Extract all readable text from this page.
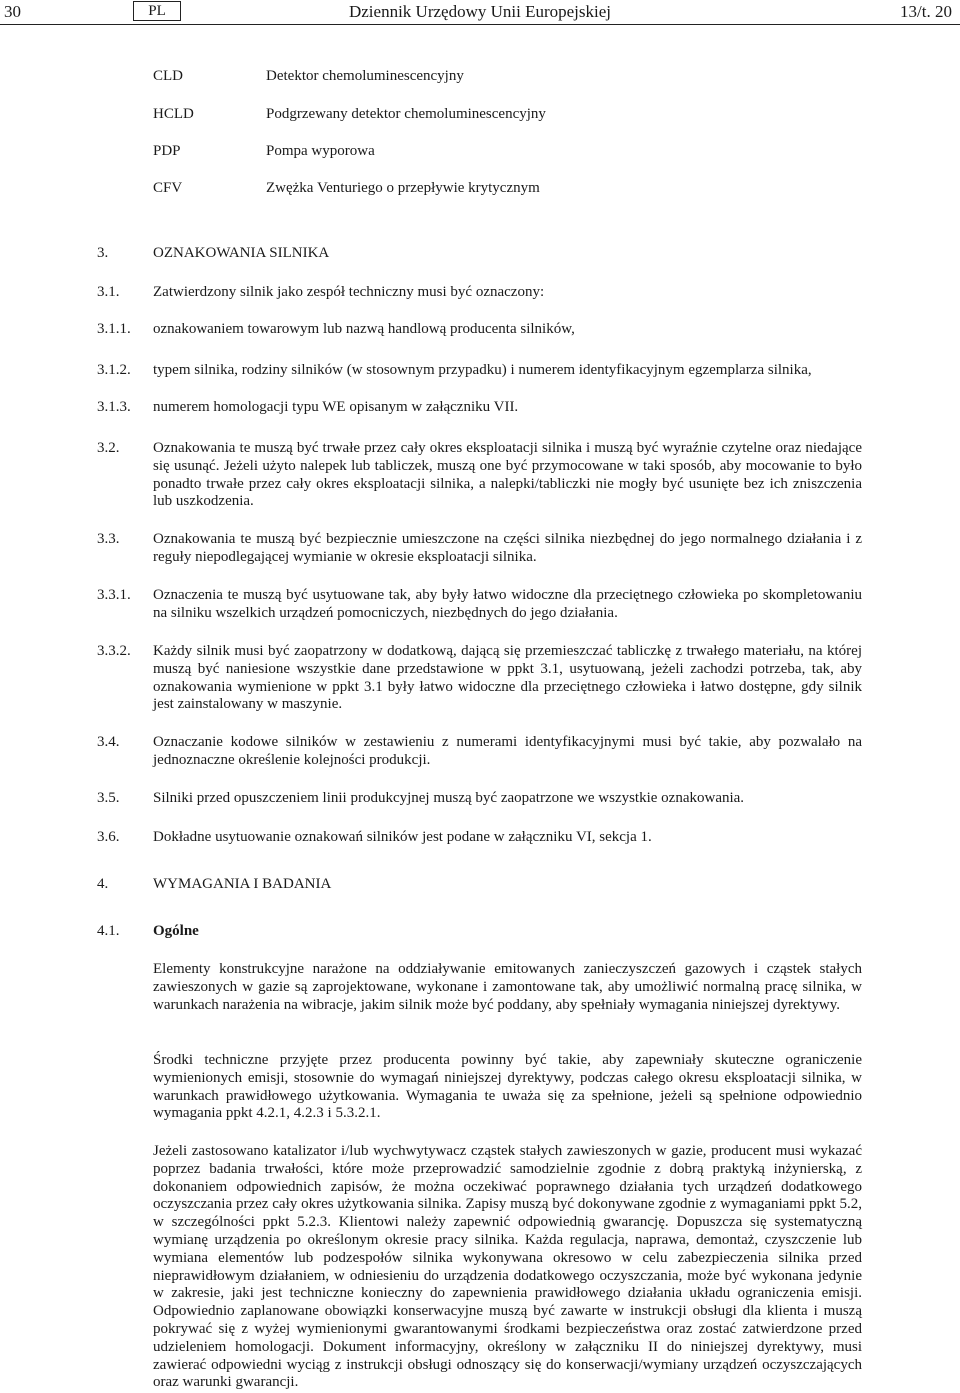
30	PL	Dziennik Urzędowy Unii Europejskiej	13/t. 20
CLD	Detektor chemoluminescencyjny
HCLD	Podgrzewany detektor chemoluminescencyjny
PDP	Pompa wyporowa
CFV	Zwężka Venturiego o przepływie krytycznym
3.	OZNAKOWANIA SILNIKA
3.1. Zatwierdzony silnik jako zespół techniczny musi być oznaczony:
3.1.1. oznakowaniem towarowym lub nazwą handlową producenta silników,
3.1.2. typem silnika, rodziny silników (w stosownym przypadku) i numerem identyfikacyjnym egzemplarza silnika,
3.1.3. numerem homologacji typu WE opisanym w załączniku VII.
3.2. Oznakowania te muszą być trwałe przez cały okres eksploatacji silnika i muszą być wyraźnie czytelne oraz niedające się usunąć. Jeżeli użyto nalepek lub tabliczek, muszą one być przymocowane w taki sposób, aby mocowanie to było ponadto trwałe przez cały okres eksploatacji silnika, a nalepki/tabliczki nie mogły być usunięte bez ich zniszczenia lub uszkodzenia.
3.3. Oznakowania te muszą być bezpiecznie umieszczone na części silnika niezbędnej do jego normalnego działania i z reguły niepodlegającej wymianie w okresie eksploatacji silnika.
3.3.1. Oznaczenia te muszą być usytuowane tak, aby były łatwo widoczne dla przeciętnego człowieka po skompletowaniu na silniku wszelkich urządzeń pomocniczych, niezbędnych do jego działania.
3.3.2. Każdy silnik musi być zaopatrzony w dodatkową, dającą się przemieszczać tabliczkę z trwałego materiału, na której muszą być naniesione wszystkie dane przedstawione w ppkt 3.1, usytuowaną, jeżeli zachodzi potrzeba, tak, aby oznakowania wymienione w ppkt 3.1 były łatwo widoczne dla przeciętnego człowieka i łatwo dostępne, gdy silnik jest zainstalowany w maszynie.
3.4. Oznaczanie kodowe silników w zestawieniu z numerami identyfikacyjnymi musi być takie, aby pozwalało na jednoznaczne określenie kolejności produkcji.
3.5. Silniki przed opuszczeniem linii produkcyjnej muszą być zaopatrzone we wszystkie oznakowania.
3.6. Dokładne usytuowanie oznakowań silników jest podane w załączniku VI, sekcja 1.
4.	WYMAGANIA I BADANIA
4.1. Ogólne
Elementy konstrukcyjne narażone na oddziaływanie emitowanych zanieczyszczeń gazowych i cząstek stałych zawieszonych w gazie są zaprojektowane, wykonane i zamontowane tak, aby umożliwić normalną pracę silnika, w warunkach narażenia na wibracje, jakim silnik może być poddany, aby spełniały wymagania niniejszej dyrektywy.
Środki techniczne przyjęte przez producenta powinny być takie, aby zapewniały skuteczne ograniczenie wymienionych emisji, stosownie do wymagań niniejszej dyrektywy, podczas całego okresu eksploatacji silnika, w warunkach prawidłowego użytkowania. Wymagania te uważa się za spełnione, jeżeli są spełnione odpowiednio wymagania ppkt 4.2.1, 4.2.3 i 5.3.2.1.
Jeżeli zastosowano katalizator i/lub wychwytywacz cząstek stałych zawieszonych w gazie, producent musi wykazać poprzez badania trwałości, które może przeprowadzić samodzielnie zgodnie z dobrą praktyką inżynierską, z dokonaniem odpowiednich zapisów, że można oczekiwać poprawnego działania tych urządzeń dodatkowego oczyszczania przez cały okres użytkowania silnika. Zapisy muszą być dokonywane zgodnie z wymaganiami ppkt 5.2, w szczególności ppkt 5.2.3. Klientowi należy zapewnić odpowiednią gwarancję. Dopuszcza się systematyczną wymianę urządzenia po określonym okresie pracy silnika. Każda regulacja, naprawa, demontaż, czyszczenie lub wymiana elementów lub podzespołów silnika wykonywana okresowo w celu zabezpieczenia silnika przed nieprawidłowym działaniem, w odniesieniu do urządzenia dodatkowego oczyszczania, może być wykonana jedynie w zakresie, jaki jest techniczne konieczny do zapewnienia prawidłowego działania układu ograniczenia emisji. Odpowiednio zaplanowane obowiązki konserwacyjne muszą być zawarte w instrukcji obsługi dla klienta i muszą pokrywać się z wyżej wymienionymi gwarantowanymi środkami bezpieczeństwa oraz zostać zatwierdzone przed udzieleniem homologacji. Dokument informacyjny, określony w załączniku II do niniejszej dyrektywy, musi zawierać odpowiedni wyciąg z instrukcji obsługi odnoszący się do konserwacji/wymiany urządzeń oczyszczających oraz warunki gwarancji.
